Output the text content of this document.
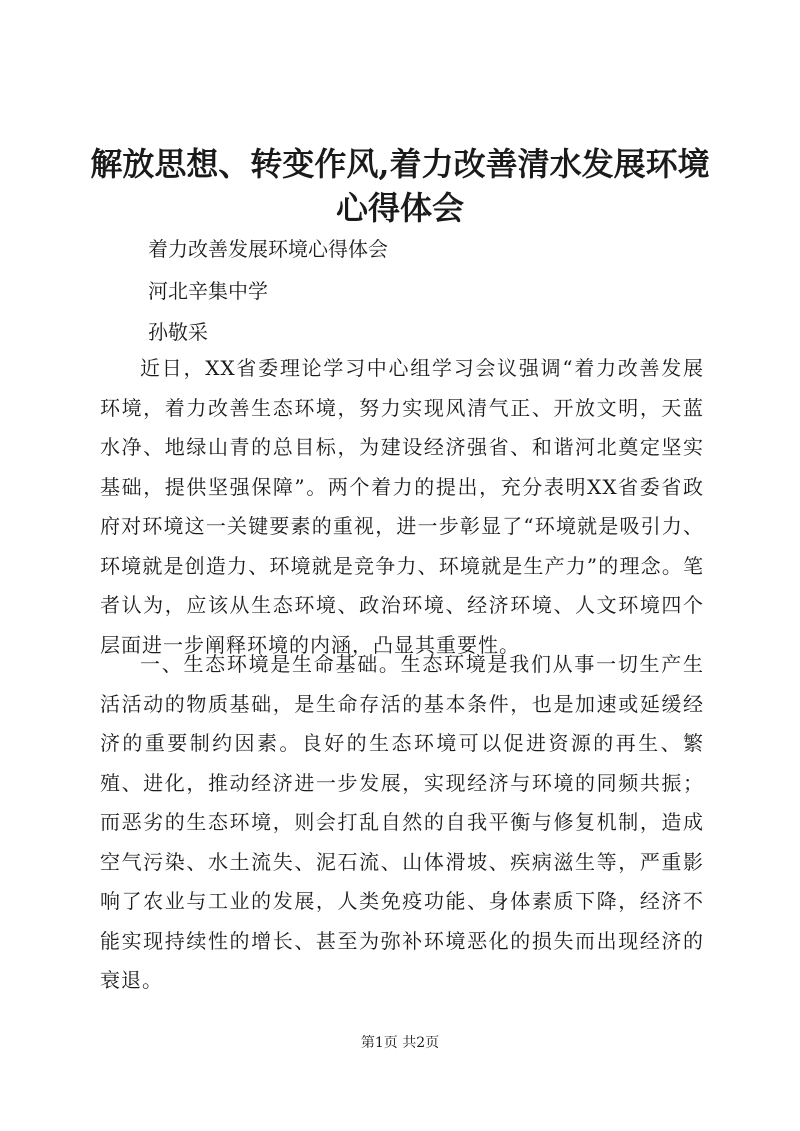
解放思想、转变作风,着力改善清水发展环境
心得体会

着力改善发展环境心得体会

河北辛集中学

孙敬采

近日，XX省委理论学习中心组学习会议强调“着力改善发展环境，着力改善生态环境，努力实现风清气正、开放文明，天蓝水净、地绿山青的总目标，为建设经济强省、和谐河北奠定坚实基础，提供坚强保障”。两个着力的提出，充分表明XX省委省政府对环境这一关键要素的重视，进一步彰显了“环境就是吸引力、环境就是创造力、环境就是竞争力、环境就是生产力”的理念。笔者认为，应该从生态环境、政治环境、经济环境、人文环境四个层面进一步阐释环境的内涵，凸显其重要性。

一、生态环境是生命基础。生态环境是我们从事一切生产生活活动的物质基础，是生命存活的基本条件，也是加速或延缓经济的重要制约因素。良好的生态环境可以促进资源的再生、繁殖、进化，推动经济进一步发展，实现经济与环境的同频共振；而恶劣的生态环境，则会打乱自然的自我平衡与修复机制，造成空气污染、水土流失、泥石流、山体滑坡、疾病滋生等，严重影响了农业与工业的发展，人类免疫功能、身体素质下降，经济不能实现持续性的增长、甚至为弥补环境恶化的损失而出现经济的衰退。

第1页 共2页
